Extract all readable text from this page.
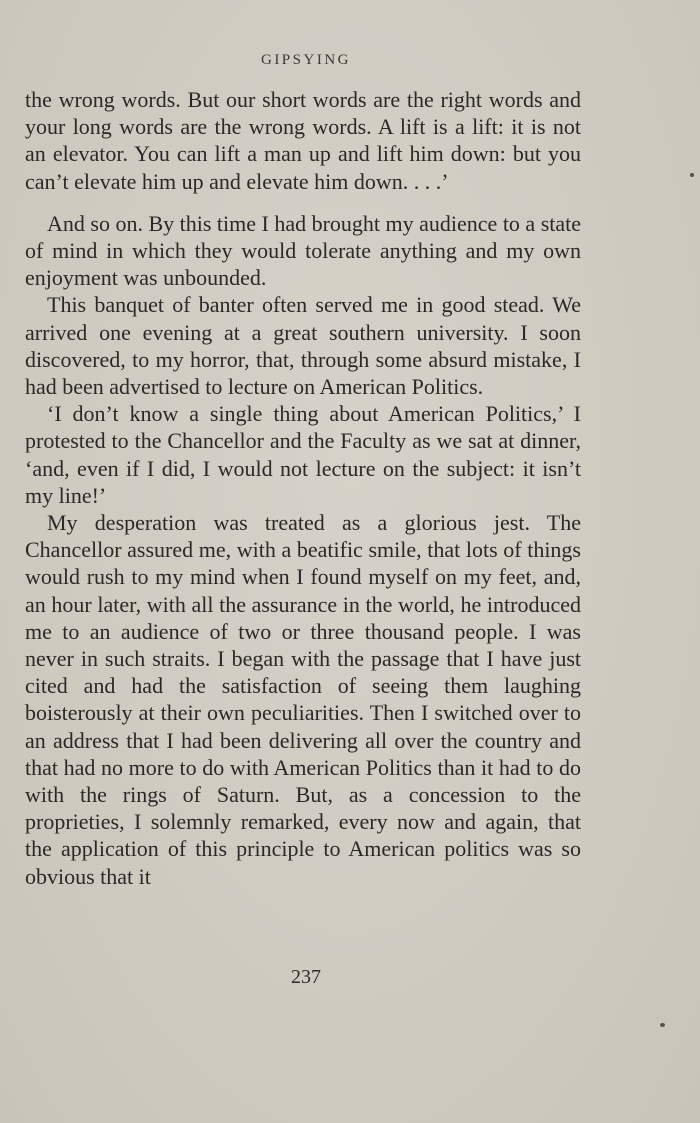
GIPSYING

the wrong words. But our short words are the right words and your long words are the wrong words. A lift is a lift: it is not an elevator. You can lift a man up and lift him down: but you can’t elevate him up and elevate him down. . . .’

And so on. By this time I had brought my audience to a state of mind in which they would tolerate anything and my own enjoyment was unbounded.

This banquet of banter often served me in good stead. We arrived one evening at a great southern university. I soon discovered, to my horror, that, through some absurd mistake, I had been advertised to lecture on American Politics.

‘I don’t know a single thing about American Politics,’ I protested to the Chancellor and the Faculty as we sat at dinner, ‘and, even if I did, I would not lecture on the subject: it isn’t my line!’

My desperation was treated as a glorious jest. The Chancellor assured me, with a beatific smile, that lots of things would rush to my mind when I found myself on my feet, and, an hour later, with all the assurance in the world, he introduced me to an audience of two or three thousand people. I was never in such straits. I began with the passage that I have just cited and had the satisfaction of seeing them laughing boisterously at their own peculiarities. Then I switched over to an address that I had been delivering all over the country and that had no more to do with American Politics than it had to do with the rings of Saturn. But, as a concession to the proprieties, I solemnly remarked, every now and again, that the application of this principle to American politics was so obvious that it

237
